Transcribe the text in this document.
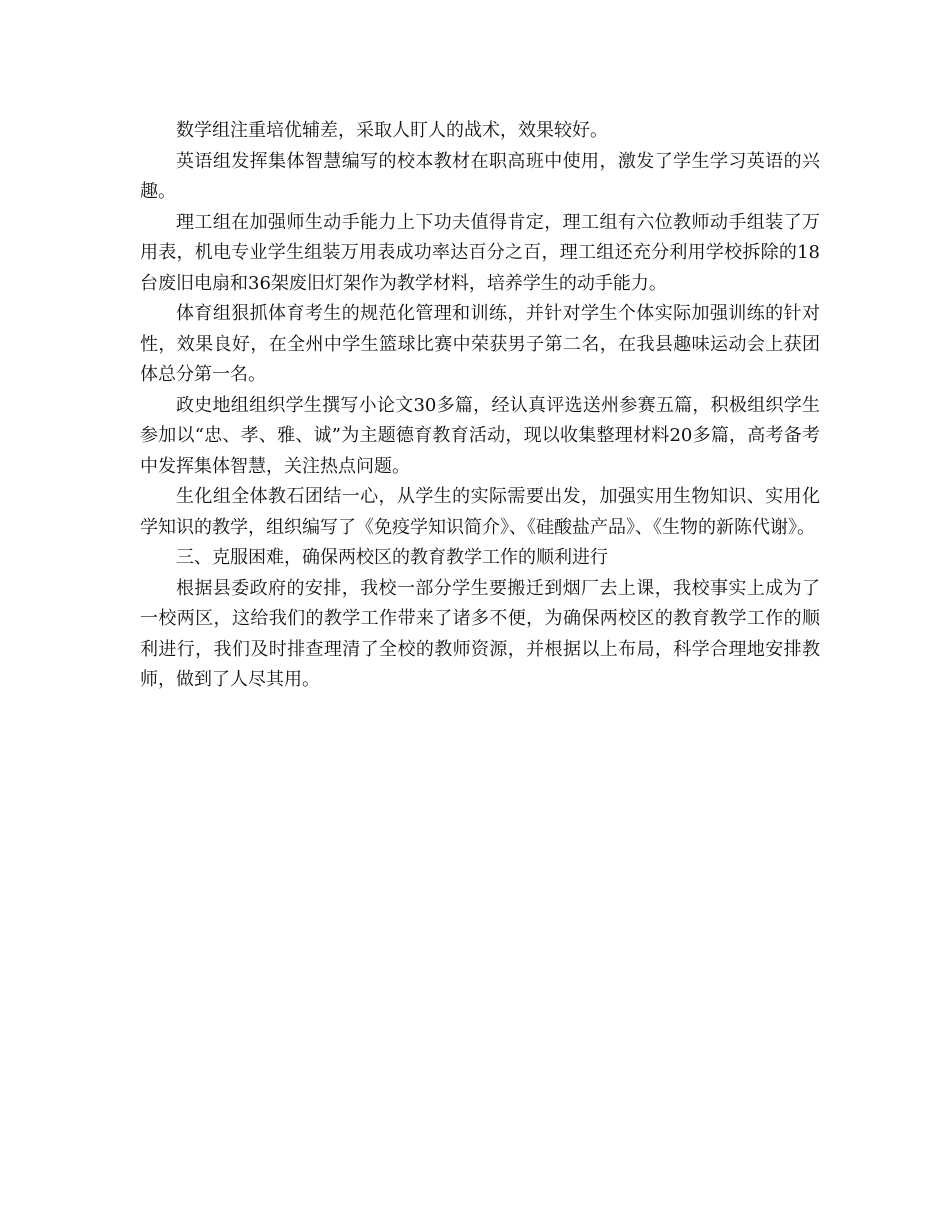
数学组注重培优辅差，采取人盯人的战术，效果较好。

英语组发挥集体智慧编写的校本教材在职高班中使用，激发了学生学习英语的兴趣。

理工组在加强师生动手能力上下功夫值得肯定，理工组有六位教师动手组装了万用表，机电专业学生组装万用表成功率达百分之百，理工组还充分利用学校拆除的18台废旧电扇和36架废旧灯架作为教学材料，培养学生的动手能力。

体育组狠抓体育考生的规范化管理和训练，并针对学生个体实际加强训练的针对性，效果良好，在全州中学生篮球比赛中荣获男子第二名，在我县趣味运动会上获团体总分第一名。

政史地组组织学生撰写小论文30多篇，经认真评选送州参赛五篇，积极组织学生参加以“忠、孝、雅、诚”为主题德育教育活动，现以收集整理材料20多篇，高考备考中发挥集体智慧，关注热点问题。

生化组全体教石团结一心，从学生的实际需要出发，加强实用生物知识、实用化学知识的教学，组织编写了《免疫学知识简介》、《硅酸盐产品》、《生物的新陈代谢》。

三、克服困难，确保两校区的教育教学工作的顺利进行

根据县委政府的安排，我校一部分学生要搬迁到烟厂去上课，我校事实上成为了一校两区，这给我们的教学工作带来了诸多不便，为确保两校区的教育教学工作的顺利进行，我们及时排查理清了全校的教师资源，并根据以上布局，科学合理地安排教师，做到了人尽其用。
